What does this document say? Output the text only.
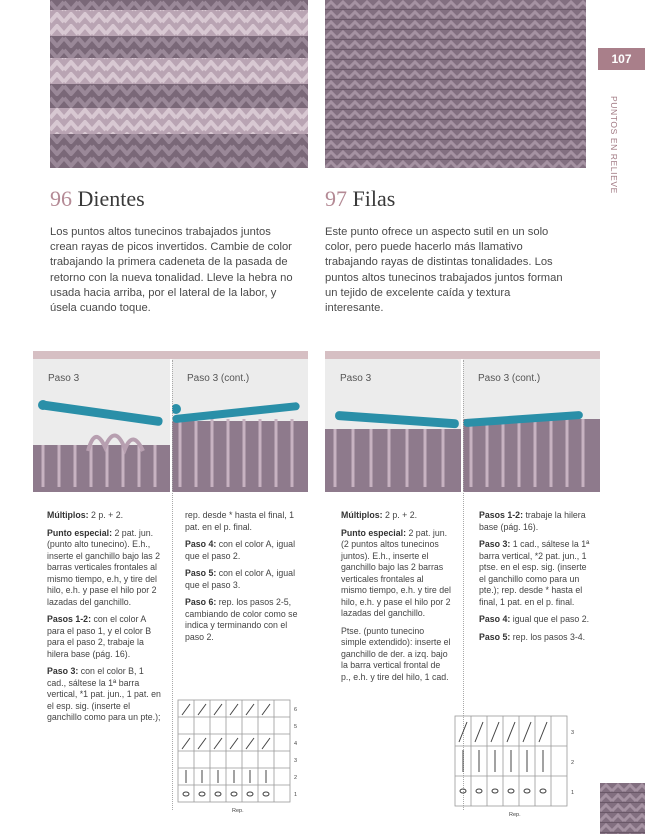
107
PUNTOS EN RELIEVE
96 Dientes	97 Filas
Los puntos altos tunecinos trabajados juntos crean rayas de picos invertidos. Cambie de color trabajando la primera cadeneta de la pasada de retorno con la nueva tonalidad. Lleve la hebra no usada hacia arriba, por el lateral de la labor, y úsela cuando toque.
Este punto ofrece un aspecto sutil en un solo color, pero puede hacerlo más llamativo trabajando rayas de distintas tonalidades. Los puntos altos tunecinos trabajados juntos forman un tejido de excelente caída y textura interesante.
Paso 3	Paso 3 (cont.)	Paso 3	Paso 3 (cont.)

Múltiplos: 2 p. + 2.

Punto especial: 2 pat. jun. (punto alto tunecino). E.h., inserte el ganchillo bajo las 2 barras verticales frontales al mismo tiempo, e.h, y tire del hilo, e.h. y pase el hilo por 2 lazadas del ganchillo.

Pasos 1-2: con el color A para el paso 1, y el color B para el paso 2, trabaje la hilera base (pág. 16).

Paso 3: con el color B, 1 cad., sáltese la 1ª barra vertical, *1 pat. jun., 1 pat. en el esp. sig. (inserte el ganchillo como para un pte.);

rep. desde * hasta el final, 1 pat. en el p. final.

Paso 4: con el color A, igual que el paso 2.

Paso 5: con el color A, igual que el paso 3.

Paso 6: rep. los pasos 2-5, cambiando de color como se indica y terminando con el paso 2.

Múltiplos: 2 p. + 2.

Punto especial: 2 pat. jun. (2 puntos altos tunecinos juntos). E.h., inserte el ganchillo bajo las 2 barras verticales frontales al mismo tiempo, e.h. y tire del hilo, e.h. y pase el hilo por 2 lazadas del ganchillo.

Ptse. (punto tunecino simple extendido): inserte el ganchillo de der. a izq. bajo la barra vertical frontal de p., e.h. y tire del hilo, 1 cad.

Pasos 1-2: trabaje la hilera base (pág. 16).

Paso 3: 1 cad., sáltese la 1ª barra vertical, *2 pat. jun., 1 ptse. en el esp. sig. (inserte el ganchillo como para un pte.); rep. desde * hasta el final, 1 pat. en el p. final.

Paso 4: igual que el paso 2.

Paso 5: rep. los pasos 3-4.

6
5
4
3
2
1
Rep.
3
2
1
Rep.
